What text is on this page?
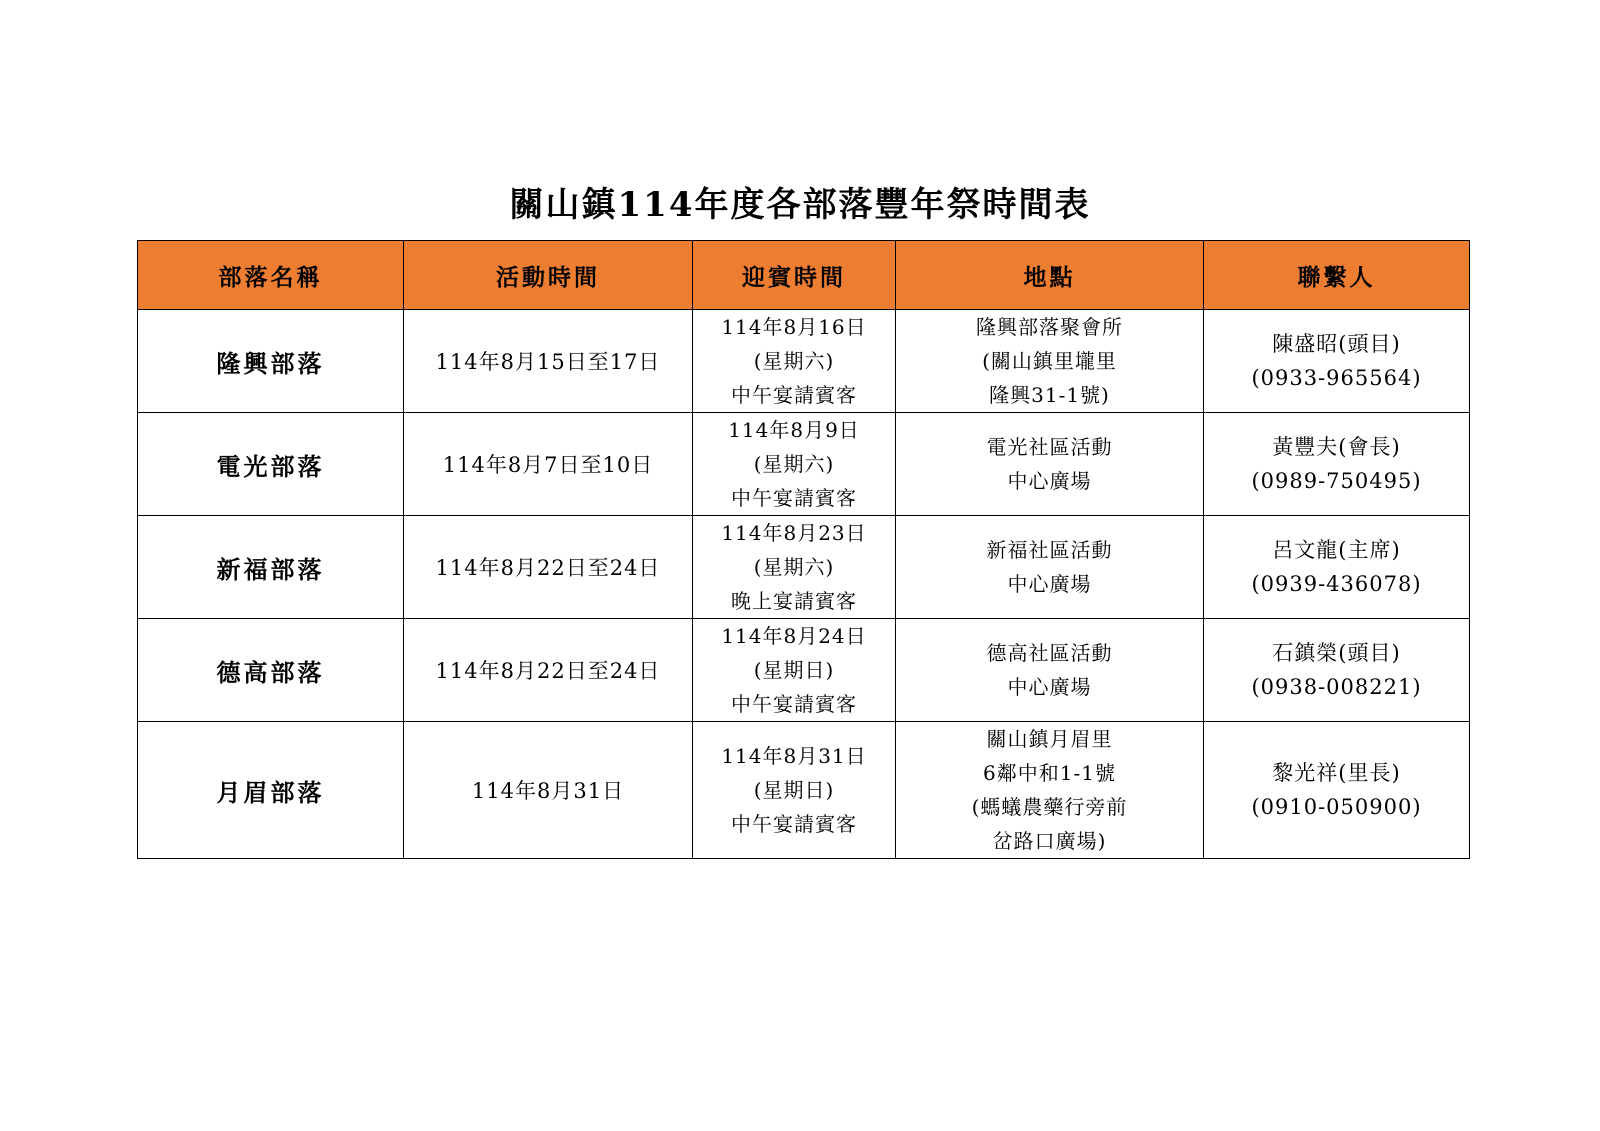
關山鎮114年度各部落豐年祭時間表
部落名稱	活動時間	迎賓時間	地點	聯繫人
隆興部落	114年8月15日至17日	114年8月16日
(星期六)
中午宴請賓客	隆興部落聚會所
(關山鎮里壠里
隆興31-1號)	陳盛昭(頭目)
(0933-965564)

電光部落	114年8月7日至10日	114年8月9日
(星期六)
中午宴請賓客	電光社區活動
中心廣場	黃豐夫(會長)
(0989-750495)

新福部落	114年8月22日至24日	114年8月23日
(星期六)
晚上宴請賓客	新福社區活動
中心廣場	呂文龍(主席)
(0939-436078)

德高部落	114年8月22日至24日	114年8月24日
(星期日)
中午宴請賓客	德高社區活動
中心廣場	石鎮榮(頭目)
(0938-008221)

月眉部落	114年8月31日	114年8月31日
(星期日)
中午宴請賓客	關山鎮月眉里
6鄰中和1-1號
(螞蟻農藥行旁前
岔路口廣場)	黎光祥(里長)
(0910-050900)
